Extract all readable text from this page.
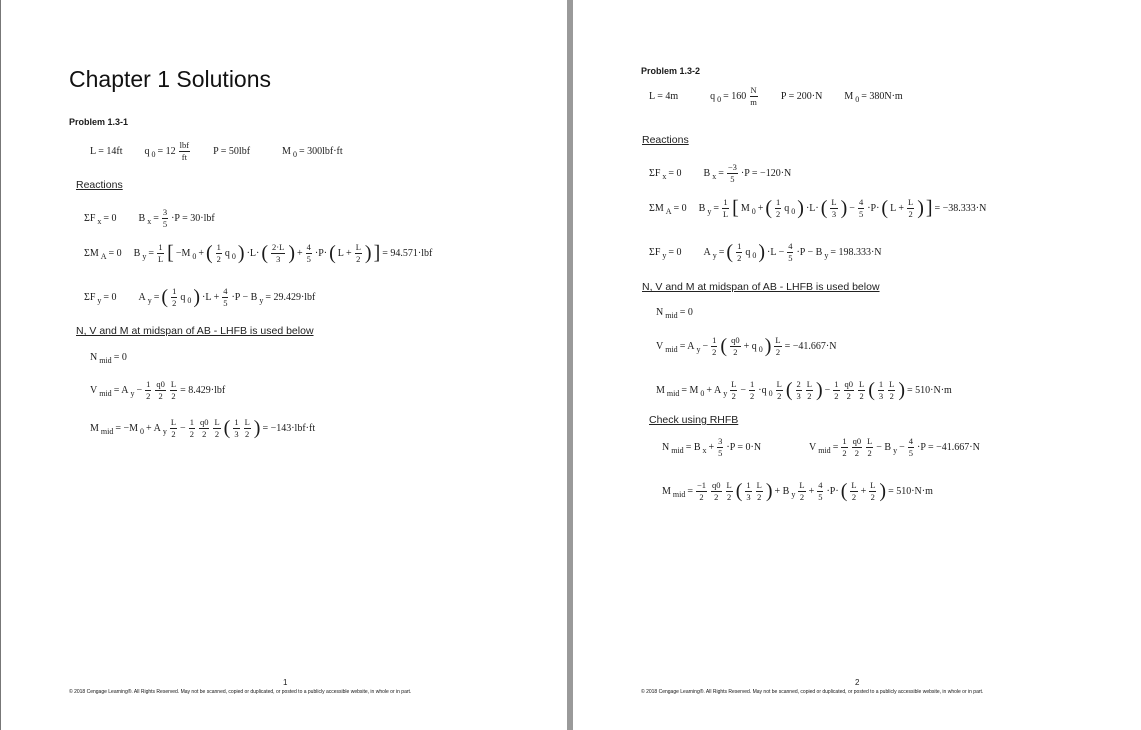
Chapter 1 Solutions
Problem 1.3-1
L = 14ft q $0 = 12 \frac{\text{lbf}}{ft}$ P = 50lbf	M 0 = 300lbf·ft
Reactions
ΣF x = 0 B $x = \frac{3}{5} \cdot P = 30\cdot lbf$
ΣM A = 0 B $y = \frac{1}{L}$ [ −M 0 + ( $\frac{1}{2}$ q 0 ) ·L· ( $\frac{2\cdot L}{3}$ ) + $\frac{4}{5} \cdot P\cdot$ ( $L + \frac{L}{2}$ ) ] = 94.571·lbf
ΣF y = 0 A y = ( $\frac{1}{2}$ q 0 ) $\cdot L + \frac{4}{5} \cdot P - B$ y = 29.429·lbf
N, V and M at midspan of AB - LHFB is used below
N mid = 0
V mid = A $y - \frac{1}{2} \frac{q0}{2} \frac{L}{2} = 8.429\cdot lbf$
M mid = −M 0 + A y $\frac{L}{2} - \frac{1}{2} \frac{q0}{2} \frac{L}{2}$ ( $\frac{1}{3} \frac{L}{2}$ ) = −143·lbf·ft
1
© 2018 Cengage Learning®. All Rights Reserved. May not be scanned, copied or duplicated, or posted to a publicly accessible website, in whole or in part.
Problem 1.3-2
L = 4m	q $0 = 160 \frac{N}{m}$ P = 200·N M 0 = 380N·m
Reactions
ΣF x = 0 B $x = \frac{-3}{5} \cdot P = -120\cdot N$
ΣM A = 0 B $y = \frac{1}{L}$ [ M 0 + ( $\frac{1}{2}$ q 0 ) ·L· ( $\frac{L}{3}$ ) − $\frac{4}{5} \cdot P\cdot$ ( $L + \frac{L}{2}$ ) ] = −38.333·N
ΣF y = 0 A y = ( $\frac{1}{2}$ q 0 ) $\cdot L - \frac{4}{5} \cdot P - B$ y = 198.333·N
N, V and M at midspan of AB - LHFB is used below
N mid = 0
V mid = A $y - \frac{1}{2}$ ( $\frac{q0}{2} + q$ 0 ) $\frac{L}{2} = -41.667\cdot N$
M mid = M 0 + A y $\frac{L}{2} - \frac{1}{2} \cdot q$ $0 \frac{L}{2}$ ( $\frac{2}{3} \frac{L}{2}$ ) − $\frac{1}{2} \frac{q0}{2} \frac{L}{2}$ ( $\frac{1}{3} \frac{L}{2}$ ) = 510·N·m
Check using RHFB
N mid = B $x + \frac{3}{5} \cdot P = 0\cdot N$	V mid = $\frac{1}{2} \frac{q0}{2} \frac{L}{2} - B$ $y - \frac{4}{5} \cdot P = -41.667\cdot N$
M mid = $\frac{-1}{2} \frac{q0}{2} \frac{L}{2}$ ( $\frac{1}{3} \frac{L}{2}$ ) + B y $\frac{L}{2} + \frac{4}{5} \cdot P\cdot$ ( $\frac{L}{2} + \frac{L}{2}$ ) = 510·N·m
2
© 2018 Cengage Learning®. All Rights Reserved. May not be scanned, copied or duplicated, or posted to a publicly accessible website, in whole or in part.
